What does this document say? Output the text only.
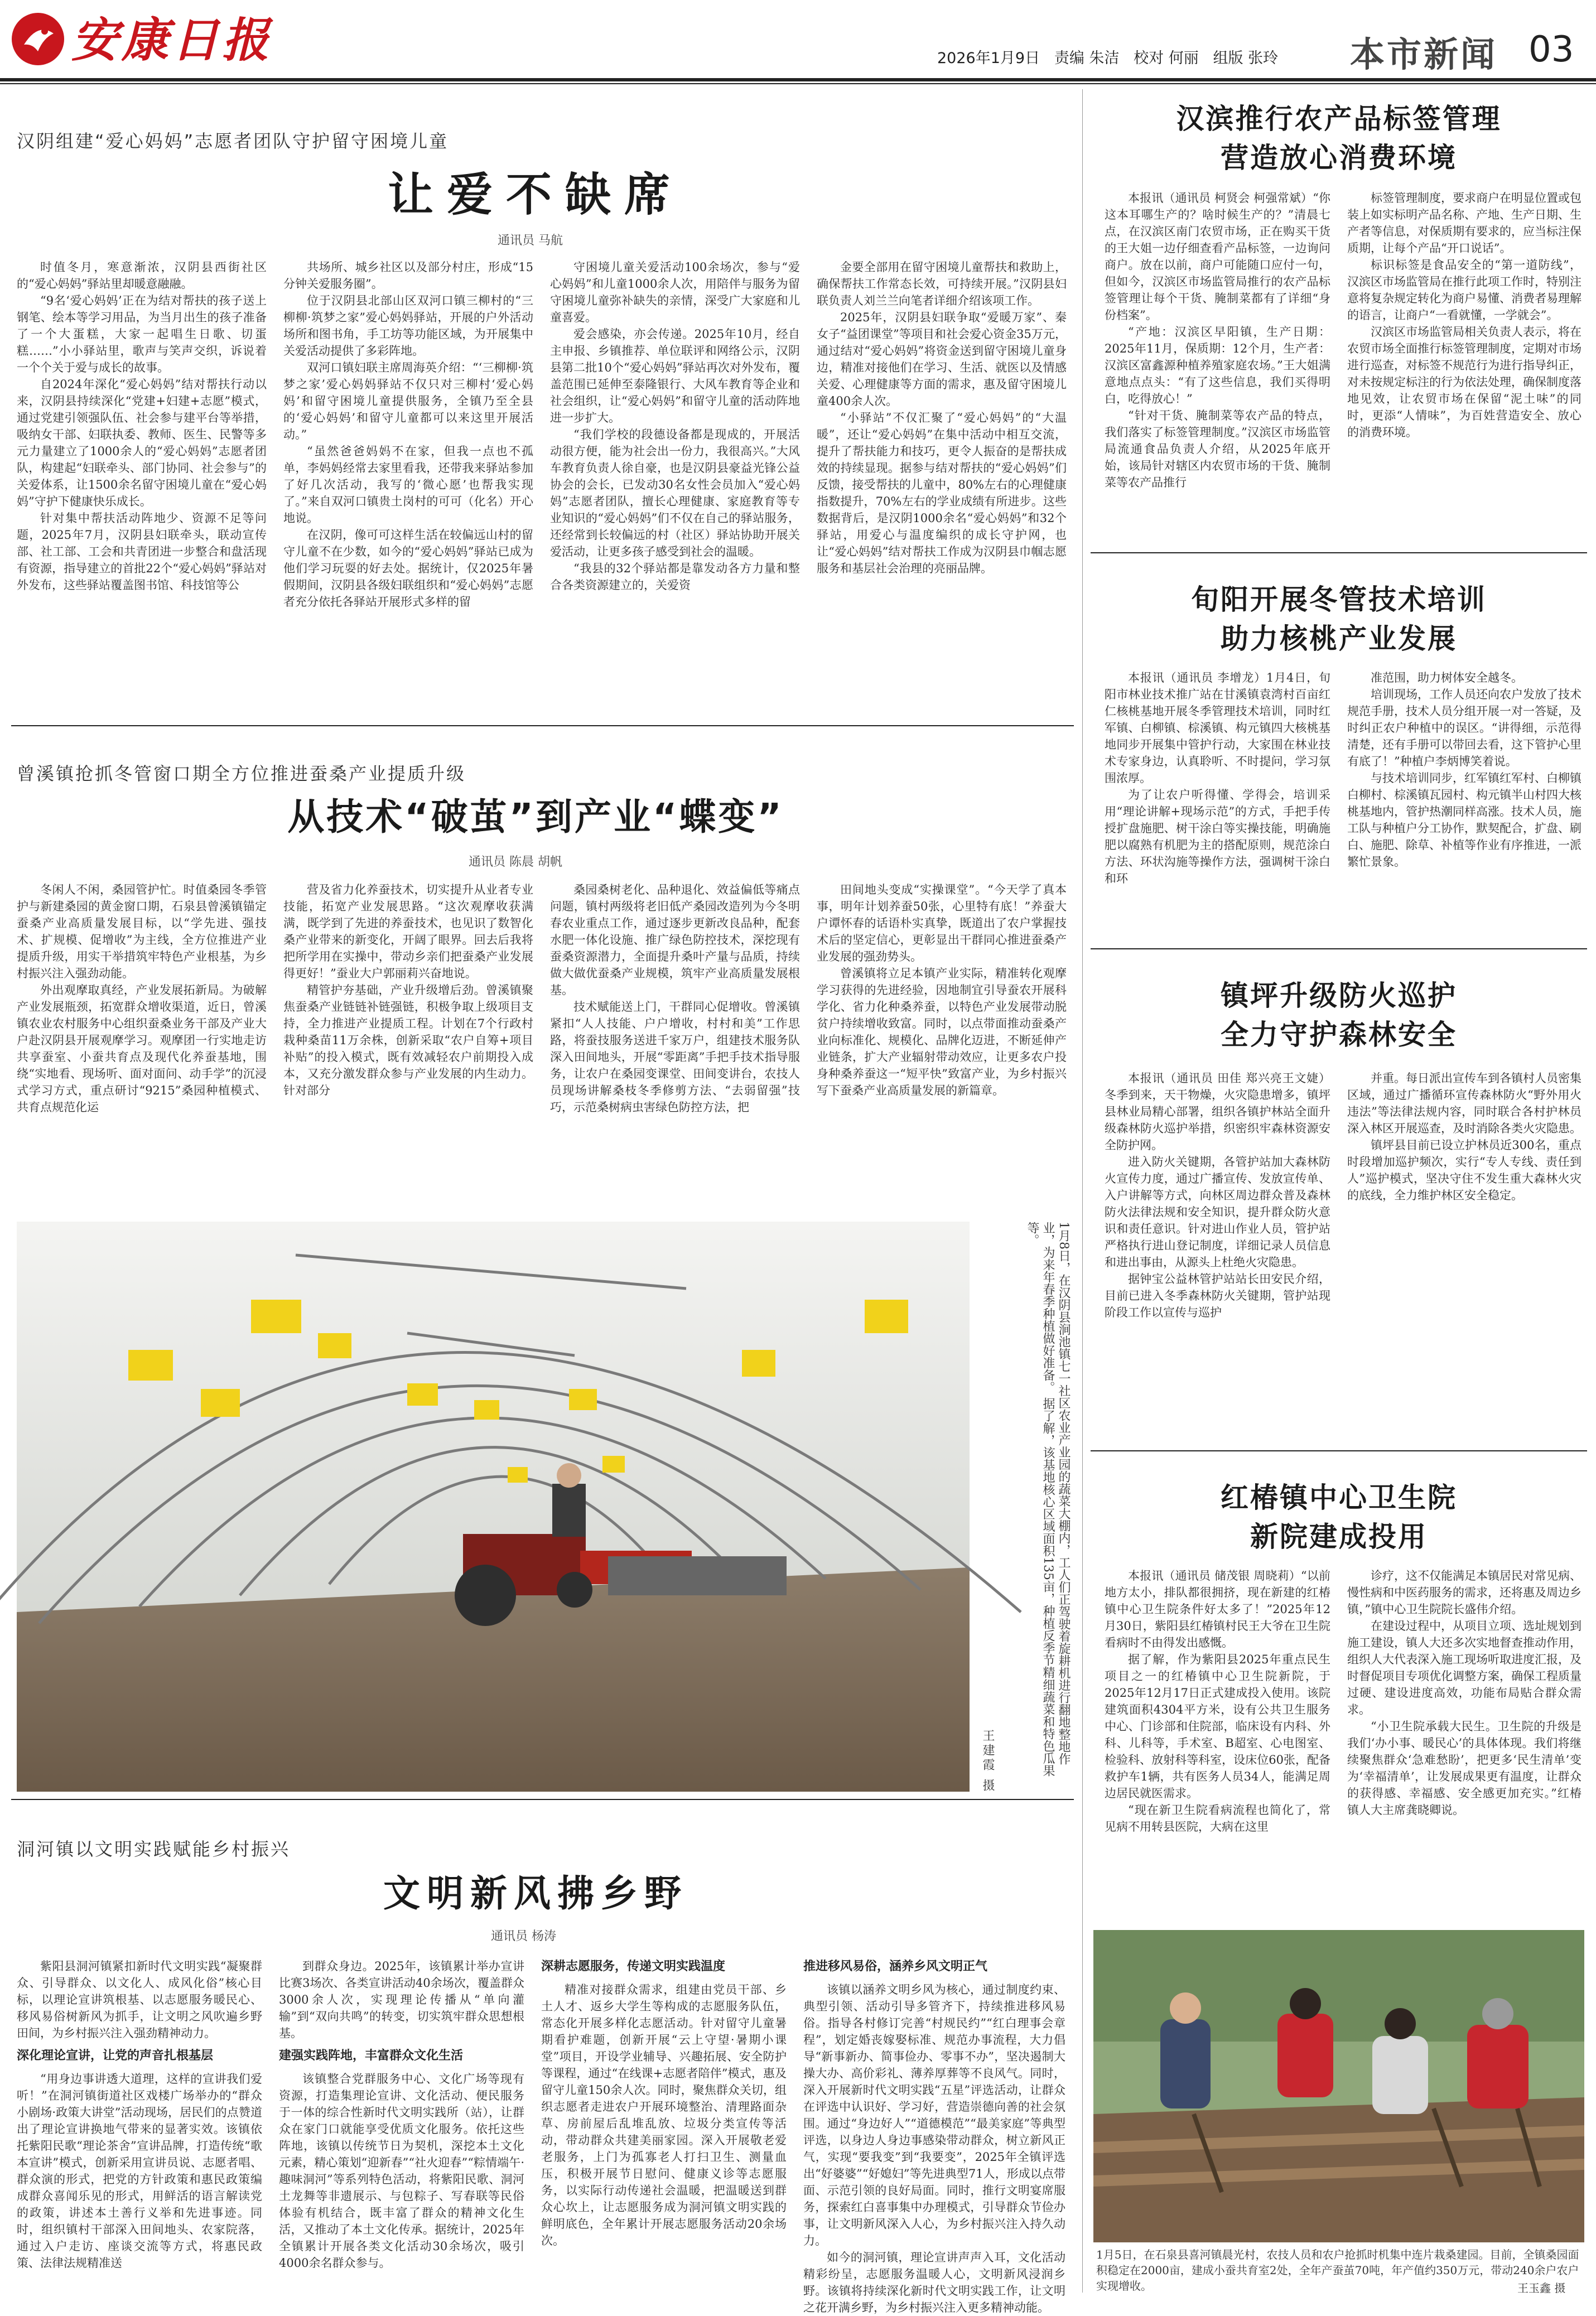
安康日报	2026年1月9日 责编 朱洁 校对 何丽 组版 张玲 本市新闻 03
汉阴组建“爱心妈妈”志愿者团队守护留守困境儿童
让爱不缺席
通讯员 马航
时值冬月，寒意渐浓，汉阴县西街社区的“爱心妈妈”驿站里却暖意融融。
“9名‘爱心妈妈’正在为结对帮扶的孩子送上钢笔、绘本等学习用品，为当月出生的孩子准备了一个大蛋糕，大家一起唱生日歌、切蛋糕……”小小驿站里，歌声与笑声交织，诉说着一个个关于爱与成长的故事。
自2024年深化“爱心妈妈”结对帮扶行动以来，汉阴县持续深化“党建+妇建+志愿”模式，通过党建引领强队伍、社会参与建平台等举措，吸纳女干部、妇联执委、教师、医生、民警等多元力量建立了1000余人的“爱心妈妈”志愿者团队，构建起“妇联牵头、部门协同、社会参与”的关爱体系，让1500余名留守困境儿童在“爱心妈妈”守护下健康快乐成长。
针对集中帮扶活动阵地少、资源不足等问题，2025年7月，汉阴县妇联牵头，联动宣传部、社工部、工会和共青团进一步整合和盘活现有资源，指导建立的首批22个“爱心妈妈”驿站对外发布，这些驿站覆盖图书馆、科技馆等公
共场所、城乡社区以及部分村庄，形成“15分钟关爱服务圈”。
位于汉阴县北部山区双河口镇三柳村的“三柳柳·筑梦之家”爱心妈妈驿站，开展的户外活动场所和图书角，手工坊等功能区域，为开展集中关爱活动提供了多彩阵地。
双河口镇妇联主席周海英介绍：“‘三柳柳·筑梦之家’爱心妈妈驿站不仅只对三柳村‘爱心妈妈’和留守困境儿童提供服务，全镇乃至全县的‘爱心妈妈’和留守儿童都可以来这里开展活动。”
“虽然爸爸妈妈不在家，但我一点也不孤单，李妈妈经常去家里看我，还带我来驿站参加了好几次活动，我写的‘微心愿’也帮我实现了。”来自双河口镇贵土岗村的可可（化名）开心地说。
在汉阴，像可可这样生活在较偏远山村的留守儿童不在少数，如今的“爱心妈妈”驿站已成为他们学习玩耍的好去处。据统计，仅2025年暑假期间，汉阴县各级妇联组织和“爱心妈妈”志愿者充分依托各驿站开展形式多样的留
守困境儿童关爱活动100余场次，参与“爱心妈妈”和儿童1000余人次，用陪伴与服务为留守困境儿童弥补缺失的亲情，深受广大家庭和儿童喜爱。
爱会感染，亦会传递。2025年10月，经自主申报、乡镇推荐、单位联评和网络公示，汉阴县第二批10个“爱心妈妈”驿站再次对外发布，覆盖范围已延伸至泰隆银行、大风车教育等企业和社会组织，让“爱心妈妈”和留守儿童的活动阵地进一步扩大。
“我们学校的段德设备都是现成的，开展活动很方便，能为社会出一份力，我很高兴。”大风车教育负责人徐自豪，也是汉阴县豪益光锋公益协会的会长，已发动30名女性会员加入“爱心妈妈”志愿者团队，擅长心理健康、家庭教育等专业知识的“爱心妈妈”们不仅在自己的驿站服务，还经常到长较偏远的村（社区）驿站协助开展关爱活动，让更多孩子感受到社会的温暖。
“我县的32个驿站都是靠发动各方力量和整合各类资源建立的，关爱资
金要全部用在留守困境儿童帮扶和救助上，确保帮扶工作常态长效，可持续开展。”汉阴县妇联负责人刘兰兰向笔者详细介绍该项工作。
2025年，汉阴县妇联争取“爱暖万家”、秦女子“益团课堂”等项目和社会爱心资金35万元，通过结对“爱心妈妈”将资金送到留守困境儿童身边，精准对接他们在学习、生活、就医以及情感关爱、心理健康等方面的需求，惠及留守困境儿童400余人次。
“小驿站”不仅汇聚了“爱心妈妈”的“大温暖”，还让“爱心妈妈”在集中活动中相互交流，提升了帮扶能力和技巧，更令人振奋的是帮扶成效的持续显现。据参与结对帮扶的“爱心妈妈”们反馈，接受帮扶的儿童中，80%左右的心理健康指数提升，70%左右的学业成绩有所进步。这些数据背后，是汉阴1000余名“爱心妈妈”和32个驿站，用爱心与温度编织的成长守护网，也让“爱心妈妈”结对帮扶工作成为汉阴县巾帼志愿服务和基层社会治理的亮丽品牌。
曾溪镇抢抓冬管窗口期全方位推进蚕桑产业提质升级
从技术“破茧”到产业“蝶变”
通讯员 陈晨 胡帆
冬闲人不闲，桑园管护忙。时值桑园冬季管护与新建桑园的黄金窗口期，石泉县曾溪镇锚定蚕桑产业高质量发展目标，以“学先进、强技术、扩规模、促增收”为主线，全方位推进产业提质升级，用实干举措筑牢特色产业根基，为乡村振兴注入强劲动能。
外出观摩取真经，产业发展拓新局。为破解产业发展瓶颈，拓宽群众增收渠道，近日，曾溪镇农业农村服务中心组织蚕桑业务干部及产业大户赴汉阴县开展观摩学习。观摩团一行实地走访共享蚕室、小蚕共育点及现代化养蚕基地，围绕“实地看、现场听、面对面问、动手学”的沉浸式学习方式，重点研讨“9215”桑园种植模式、共育点规范化运
营及省力化养蚕技术，切实提升从业者专业技能，拓宽产业发展思路。“这次观摩收获满满，既学到了先进的养蚕技术，也见识了数智化桑产业带来的新变化，开阔了眼界。回去后我将把所学用在实操中，带动乡亲们把蚕桑产业发展得更好！”蚕业大户郭丽莉兴奋地说。
精管护夯基础，产业升级增后劲。曾溪镇聚焦蚕桑产业链链补链强链，积极争取上级项目支持，全力推进产业提质工程。计划在7个行政村栽种桑苗11万余株，创新采取“农户自筹+项目补贴”的投入模式，既有效减轻农户前期投入成本，又充分激发群众参与产业发展的内生动力。针对部分
桑园桑树老化、品种退化、效益偏低等痛点问题，镇村两级将老旧低产桑园改造列为今冬明春农业重点工作，通过逐步更新改良品种，配套水肥一体化设施、推广绿色防控技术，深挖现有蚕桑资源潜力，全面提升桑叶产量与品质，持续做大做优蚕桑产业规模，筑牢产业高质量发展根基。
技术赋能送上门，干群同心促增收。曾溪镇紧扣“人人技能、户户增收，村村和美”工作思路，将蚕技服务送进千家万户，组建技术服务队深入田间地头，开展“零距离”手把手技术指导服务，让农户在桑园变课堂、田间变讲台，农技人员现场讲解桑枝冬季修剪方法、“去弱留强”技巧，示范桑树病虫害绿色防控方法，把
田间地头变成“实操课堂”。“今天学了真本事，明年计划养蚕50张，心里特有底！”养蚕大户谭怀春的话语朴实真挚，既道出了农户掌握技术后的坚定信心，更彰显出干群同心推进蚕桑产业发展的强劲势头。
曾溪镇将立足本镇产业实际，精准转化观摩学习获得的先进经验，因地制宜引导蚕农开展科学化、省力化种桑养蚕，以特色产业发展带动脱贫户持续增收致富。同时，以点带面推动蚕桑产业向标准化、规模化、品牌化迈进，不断延伸产业链条，扩大产业辐射带动效应，让更多农户投身种桑养蚕这一“短平快”致富产业，为乡村振兴写下蚕桑产业高质量发展的新篇章。
1月8日，在汉阴县涧池镇七一社区农业产业园的蔬菜大棚内，工人们正驾驶着旋耕机进行翻地整地作业，为来年春季种植做好准备。 据了解，该基地核心区域面积135亩，种植反季节精细蔬菜和特色瓜果等。
王建霞 摄
洞河镇以文明实践赋能乡村振兴
文明新风拂乡野
通讯员 杨涛
紫阳县洞河镇紧扣新时代文明实践“凝聚群众、引导群众、以文化人、成风化俗”核心目标，以理论宣讲筑根基、以志愿服务暖民心、移风易俗树新风为抓手，让文明之风吹遍乡野田间，为乡村振兴注入强劲精神动力。
深化理论宣讲，让党的声音扎根基层
“用身边事讲透大道理，这样的宣讲我们爱听！”在洞河镇街道社区戏楼广场举办的“群众小剧场·政策大讲堂”活动现场，居民们的点赞道出了理论宣讲换地气带来的显著实效。该镇依托紫阳民歌“理论茶舍”宣讲品牌，打造传统“歌本宣讲”模式，创新采用宣讲员说、志愿者唱、群众演的形式，把党的方针政策和惠民政策编成群众喜闻乐见的形式，用鲜活的语言解读党的政策，讲述本土善行义举和先进事迹。同时，组织镇村干部深入田间地头、农家院落，通过入户走访、座谈交流等方式，将惠民政策、法律法规精准送
到群众身边。2025年，该镇累计举办宣讲比赛3场次、各类宣讲活动40余场次，覆盖群众3000余人次，实现理论传播从“单向灌输”到“双向共鸣”的转变，切实筑牢群众思想根基。
建强实践阵地，丰富群众文化生活
该镇整合党群服务中心、文化广场等现有资源，打造集理论宣讲、文化活动、便民服务于一体的综合性新时代文明实践所（站），让群众在家门口就能享受优质文化服务。依托这些阵地，该镇以传统节日为契机，深挖本土文化元素，精心策划“迎新春”“社火迎春”“粽情端午·趣味洞河”等系列特色活动，将紫阳民歌、洞河土龙舞等非遗展示、与包粽子、写春联等民俗体验有机结合，既丰富了群众的精神文化生活，又推动了本土文化传承。据统计，2025年全镇累计开展各类文化活动30余场次，吸引4000余名群众参与。
深耕志愿服务，传递文明实践温度
精准对接群众需求，组建由党员干部、乡土人才、返乡大学生等构成的志愿服务队伍，常态化开展多样化志愿活动。针对留守儿童暑期看护难题，创新开展“云上守望·暑期小课堂”项目，开设学业辅导、兴趣拓展、安全防护等课程，通过“在线课+志愿者陪伴”模式，惠及留守儿童150余人次。同时，聚焦群众关切，组织志愿者走进农户开展环境整治、清理路面杂草、房前屋后乱堆乱放、垃圾分类宣传等活动，带动群众共建美丽家园。深入开展敬老爱老服务，上门为孤寡老人打扫卫生、测量血压，积极开展节日慰问、健康义诊等志愿服务，以实际行动传递社会温暖，把温暖送到群众心坎上，让志愿服务成为洞河镇文明实践的鲜明底色，全年累计开展志愿服务活动20余场次。
推进移风易俗，涵养乡风文明正气
该镇以涵养文明乡风为核心，通过制度约束、典型引领、活动引导多管齐下，持续推进移风易俗。指导各村修订完善“村规民约”“红白理事会章程”，划定婚丧嫁娶标准、规范办事流程，大力倡导“新事新办、简事俭办、零事不办”，坚决遏制大操大办、高价彩礼、薄养厚葬等不良风气。同时，深入开展新时代文明实践“五星”评选活动，让群众在评选中认识好、学习好，营造崇德向善的社会氛围。通过“身边好人”“道德模范”“最美家庭”等典型评选，以身边人身边事感染带动群众，树立新风正气，实现“要我变”到“我要变”，2025年全镇评选出“好婆婆”“好媳妇”等先进典型71人，形成以点带面、示范引领的良好局面。同时，推行文明宴席服务，探索红白喜事集中办理模式，引导群众节俭办事，让文明新风深入人心，为乡村振兴注入持久动力。
如今的洞河镇，理论宣讲声声入耳，文化活动精彩纷呈，志愿服务温暖人心，文明新风浸润乡野。该镇将持续深化新时代文明实践工作，让文明之花开满乡野，为乡村振兴注入更多精神动能。
汉滨推行农产品标签管理
营造放心消费环境
本报讯（通讯员 柯贤会 柯强常斌）“你这本耳哪生产的？啥时候生产的？”清晨七点，在汉滨区南门农贸市场，正在购买干货的王大姐一边仔细查看产品标签，一边询问商户。放在以前，商户可能随口应付一句，但如今，汉滨区市场监管局推行的农产品标签管理让每个干货、腌制菜都有了详细“身份档案”。
“产地：汉滨区早阳镇，生产日期：2025年11月，保质期：12个月，生产者：汉滨区富鑫源种植养殖家庭农场。”王大姐满意地点点头：“有了这些信息，我们买得明白，吃得放心！”
“针对干货、腌制菜等农产品的特点，我们落实了标签管理制度。”汉滨区市场监管局流通食品负责人介绍，从2025年底开始，该局针对辖区内农贸市场的干货、腌制菜等农产品推行
标签管理制度，要求商户在明显位置或包装上如实标明产品名称、产地、生产日期、生产者等信息，对保质期有要求的，应当标注保质期，让每个产品“开口说话”。
标识标签是食品安全的“第一道防线”，汉滨区市场监管局在推行此项工作时，特别注意将复杂规定转化为商户易懂、消费者易理解的语言，让商户“一看就懂，一学就会”。
汉滨区市场监管局相关负责人表示，将在农贸市场全面推行标签管理制度，定期对市场进行巡查，对标签不规范行为进行指导纠正，对未按规定标注的行为依法处理，确保制度落地见效，让农贸市场在保留“泥土味”的同时，更添“人情味”，为百姓营造安全、放心的消费环境。
旬阳开展冬管技术培训
助力核桃产业发展
本报讯（通讯员 李增龙）1月4日，旬阳市林业技术推广站在甘溪镇袁湾村百亩红仁核桃基地开展冬季管理技术培训，同时红军镇、白柳镇、棕溪镇、构元镇四大核桃基地同步开展集中管护行动，大家围在林业技术专家身边，认真聆听、不时提问，学习氛围浓厚。
为了让农户听得懂、学得会，培训采用“理论讲解+现场示范”的方式，手把手传授扩盘施肥、树干涂白等实操技能，明确施肥以腐熟有机肥为主的搭配原则，规范涂白方法、环状沟施等操作方法，强调树干涂白和环
准范围，助力树体安全越冬。
培训现场，工作人员还向农户发放了技术规范手册，技术人员分组开展一对一答疑，及时纠正农户种植中的误区。“讲得细，示范得清楚，还有手册可以带回去看，这下管护心里有底了！”种植户李炳博笑着说。
与技术培训同步，红军镇红军村、白柳镇白柳村、棕溪镇瓦园村、构元镇半山村四大核桃基地内，管护热潮同样高涨。技术人员，施工队与种植户分工协作，默契配合，扩盘、刷白、施肥、除草、补植等作业有序推进，一派繁忙景象。
镇坪升级防火巡护
全力守护森林安全
本报讯（通讯员 田佳 郑兴亮王文婕）冬季到来，天干物燥，火灾隐患增多，镇坪县林业局精心部署，组织各镇护林站全面升级森林防火巡护举措，织密织牢森林资源安全防护网。
进入防火关键期，各管护站加大森林防火宣传力度，通过广播宣传、发放宣传单、入户讲解等方式，向林区周边群众普及森林防火法律法规和安全知识，提升群众防火意识和责任意识。针对进山作业人员，管护站严格执行进山登记制度，详细记录人员信息和进出事由，从源头上杜绝火灾隐患。
据钟宝公益林管护站站长田安民介绍，目前已进入冬季森林防火关键期，管护站现阶段工作以宣传与巡护
并重。每日派出宣传车到各镇村人员密集区域，通过广播循环宣传森林防火“野外用火违法”等法律法规内容，同时联合各村护林员深入林区开展巡查，及时消除各类火灾隐患。
镇坪县目前已设立护林员近300名，重点时段增加巡护频次，实行“专人专线、责任到人”巡护模式，坚决守住不发生重大森林火灾的底线，全力维护林区安全稳定。
红椿镇中心卫生院
新院建成投用
本报讯（通讯员 储茂银 周晓莉）“以前地方太小，排队都很拥挤，现在新建的红椿镇中心卫生院条件好太多了！”2025年12月30日，紫阳县红椿镇村民王大爷在卫生院看病时不由得发出感慨。
据了解，作为紫阳县2025年重点民生项目之一的红椿镇中心卫生院新院，于2025年12月17日正式建成投入使用。该院建筑面积4304平方米，设有公共卫生服务中心、门诊部和住院部，临床设有内科、外科、儿科等，手术室、B超室、心电图室、检验科、放射科等科室，设床位60张，配备救护车1辆，共有医务人员34人，能满足周边居民就医需求。
“现在新卫生院看病流程也简化了，常见病不用转县医院，大病在这里
诊疗，这不仅能满足本镇居民对常见病、慢性病和中医药服务的需求，还将惠及周边乡镇，”镇中心卫生院院长盛伟介绍。
在建设过程中，从项目立项、选址规划到施工建设，镇人大还多次实地督查推动作用，组织人大代表深入施工现场听取进度汇报，及时督促项目专项优化调整方案，确保工程质量过硬、建设进度高效，功能布局贴合群众需求。
“小卫生院承载大民生。卫生院的升级是我们‘办小事、暖民心’的具体体现。我们将继续聚焦群众‘急难愁盼’，把更多‘民生清单’变为‘幸福清单’，让发展成果更有温度，让群众的获得感、幸福感、安全感更加充实。”红椿镇人大主席龚晓卿说。
1月5日，在石泉县喜河镇晨光村，农技人员和农户抢抓时机集中连片栽桑建园。目前，全镇桑园面积稳定在2000亩，建成小蚕共育室2处，全年产蚕茧70吨，年产值约350万元，带动240余户农户实现增收。	王玉鑫 摄
